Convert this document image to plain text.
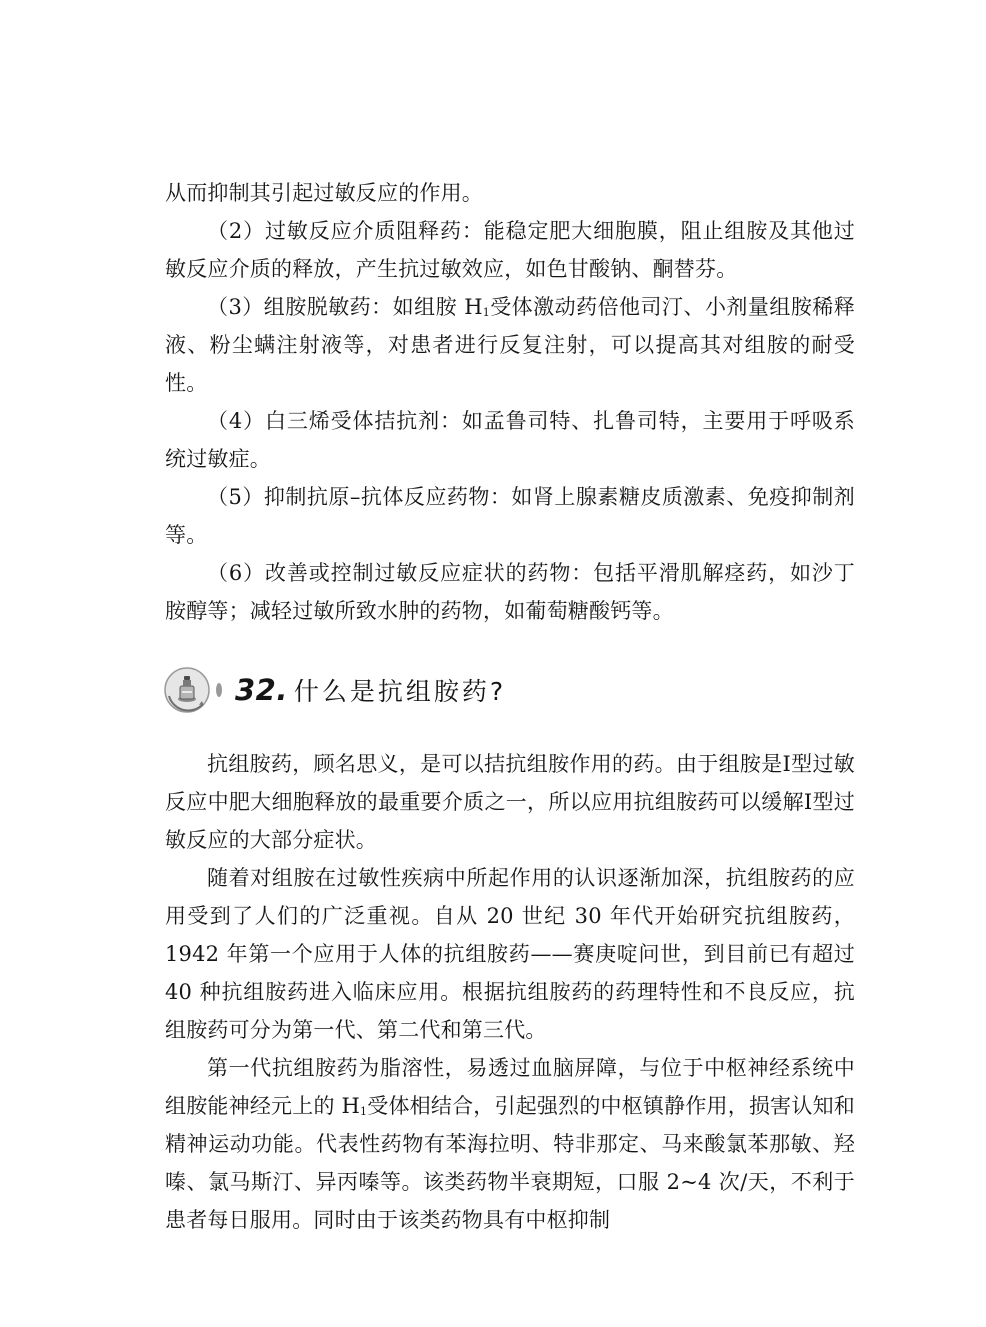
从而抑制其引起过敏反应的作用。

（2）过敏反应介质阻释药：能稳定肥大细胞膜，阻止组胺及其他过敏反应介质的释放，产生抗过敏效应，如色甘酸钠、酮替芬。

（3）组胺脱敏药：如组胺 $H_1$受体激动药倍他司汀、小剂量组胺稀释液、粉尘螨注射液等，对患者进行反复注射，可以提高其对组胺的耐受性。

（4）白三烯受体拮抗剂：如孟鲁司特、扎鲁司特，主要用于呼吸系统过敏症。

（5）抑制抗原–抗体反应药物：如肾上腺素糖皮质激素、免疫抑制剂等。

（6）改善或控制过敏反应症状的药物：包括平滑肌解痉药，如沙丁胺醇等；减轻过敏所致水肿的药物，如葡萄糖酸钙等。

32. 什么是抗组胺药?

抗组胺药，顾名思义，是可以拮抗组胺作用的药。由于组胺是Ⅰ型过敏反应中肥大细胞释放的最重要介质之一，所以应用抗组胺药可以缓解Ⅰ型过敏反应的大部分症状。

随着对组胺在过敏性疾病中所起作用的认识逐渐加深，抗组胺药的应用受到了人们的广泛重视。自从 20 世纪 30 年代开始研究抗组胺药，1942 年第一个应用于人体的抗组胺药——赛庚啶问世，到目前已有超过 40 种抗组胺药进入临床应用。根据抗组胺药的药理特性和不良反应，抗组胺药可分为第一代、第二代和第三代。

第一代抗组胺药为脂溶性，易透过血脑屏障，与位于中枢神经系统中组胺能神经元上的 $H_1$受体相结合，引起强烈的中枢镇静作用，损害认知和精神运动功能。代表性药物有苯海拉明、特非那定、马来酸氯苯那敏、羟嗪、氯马斯汀、异丙嗪等。该类药物半衰期短，口服 2~4 次/天，不利于患者每日服用。同时由于该类药物具有中枢抑制
